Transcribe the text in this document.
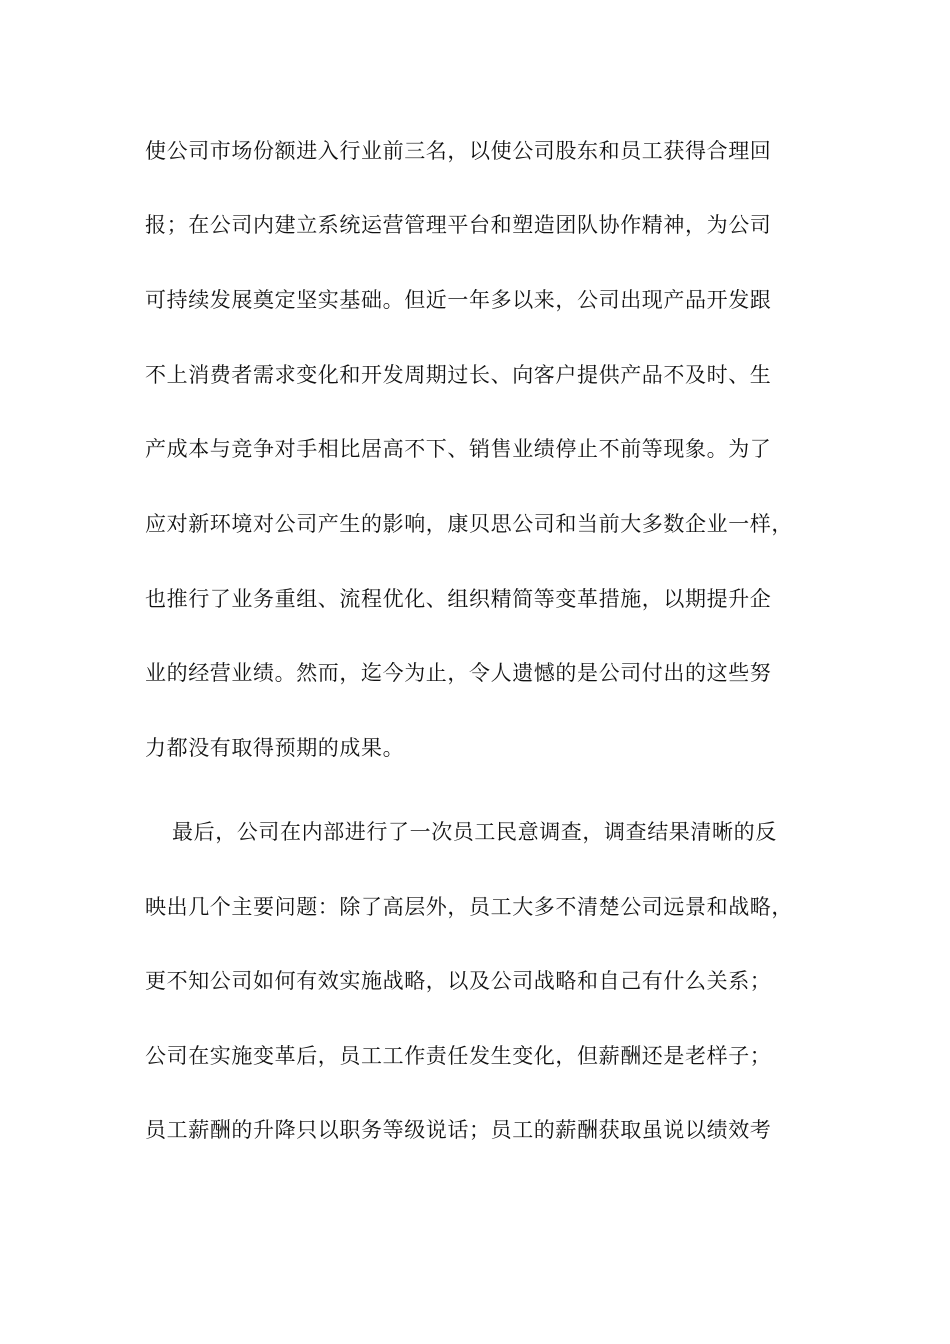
使公司市场份额进入行业前三名，以使公司股东和员工获得合理回
报；在公司内建立系统运营管理平台和塑造团队协作精神，为公司
可持续发展奠定坚实基础。但近一年多以来，公司出现产品开发跟
不上消费者需求变化和开发周期过长、向客户提供产品不及时、生
产成本与竞争对手相比居高不下、销售业绩停止不前等现象。为了
应对新环境对公司产生的影响，康贝思公司和当前大多数企业一样，
也推行了业务重组、流程优化、组织精简等变革措施，以期提升企
业的经营业绩。然而，迄今为止，令人遗憾的是公司付出的这些努
力都没有取得预期的成果。
最后，公司在内部进行了一次员工民意调查，调查结果清晰的反
映出几个主要问题：除了高层外，员工大多不清楚公司远景和战略，
更不知公司如何有效实施战略，以及公司战略和自己有什么关系；
公司在实施变革后，员工工作责任发生变化，但薪酬还是老样子；
员工薪酬的升降只以职务等级说话；员工的薪酬获取虽说以绩效考
